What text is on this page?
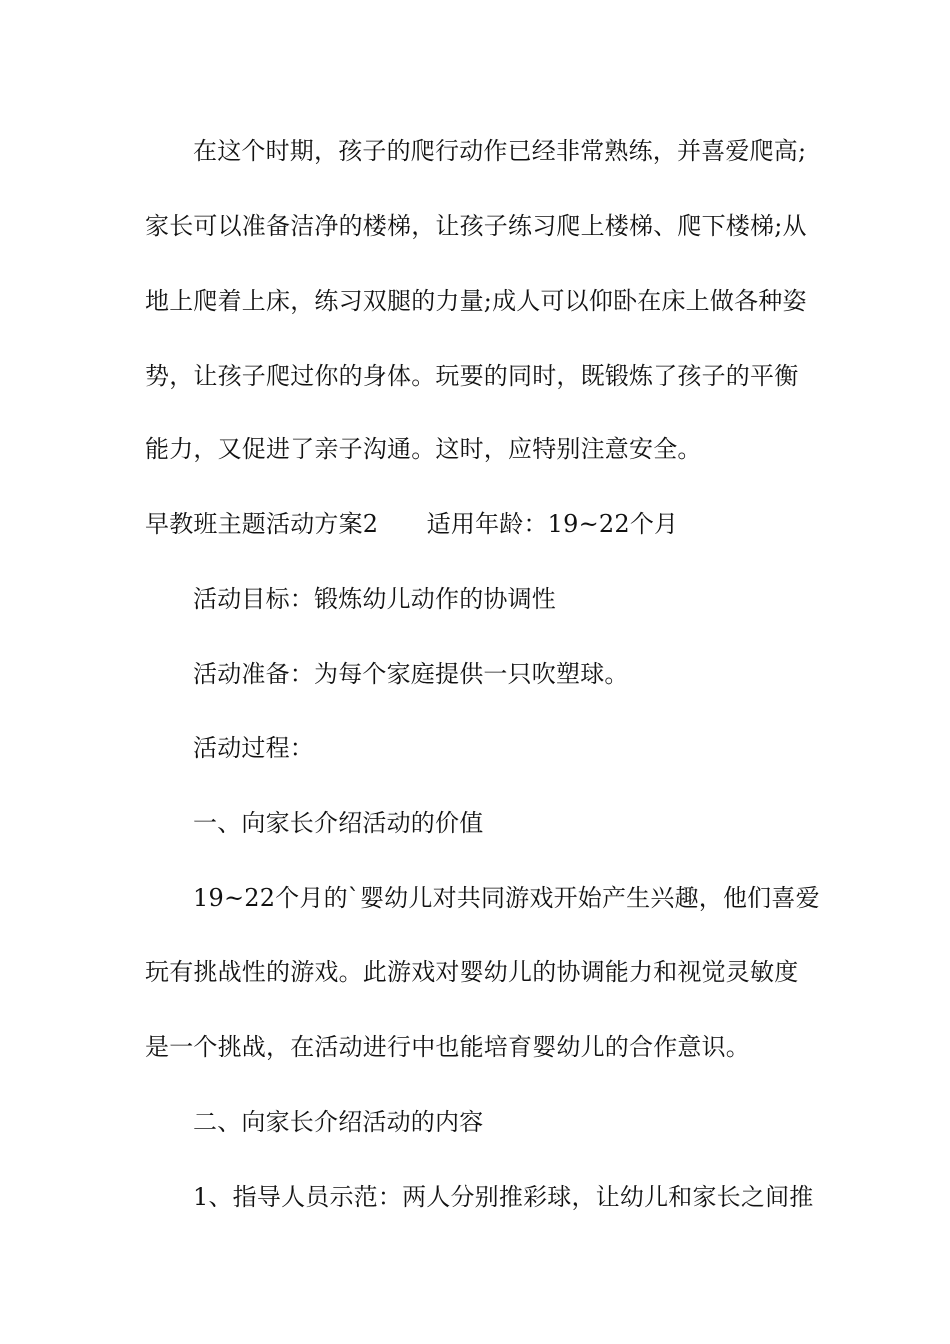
在这个时期，孩子的爬行动作已经非常熟练，并喜爱爬高;
家长可以准备洁净的楼梯，让孩子练习爬上楼梯、爬下楼梯;从
地上爬着上床，练习双腿的力量;成人可以仰卧在床上做各种姿
势，让孩子爬过你的身体。玩要的同时，既锻炼了孩子的平衡
能力，又促进了亲子沟通。这时，应特别注意安全。
早教班主题活动方案2　　适用年龄：19~22个月
活动目标：锻炼幼儿动作的协调性
活动准备：为每个家庭提供一只吹塑球。
活动过程：
一、向家长介绍活动的价值
19~22个月的`婴幼儿对共同游戏开始产生兴趣，他们喜爱
玩有挑战性的游戏。此游戏对婴幼儿的协调能力和视觉灵敏度
是一个挑战，在活动进行中也能培育婴幼儿的合作意识。
二、向家长介绍活动的内容
1、指导人员示范：两人分别推彩球，让幼儿和家长之间推
